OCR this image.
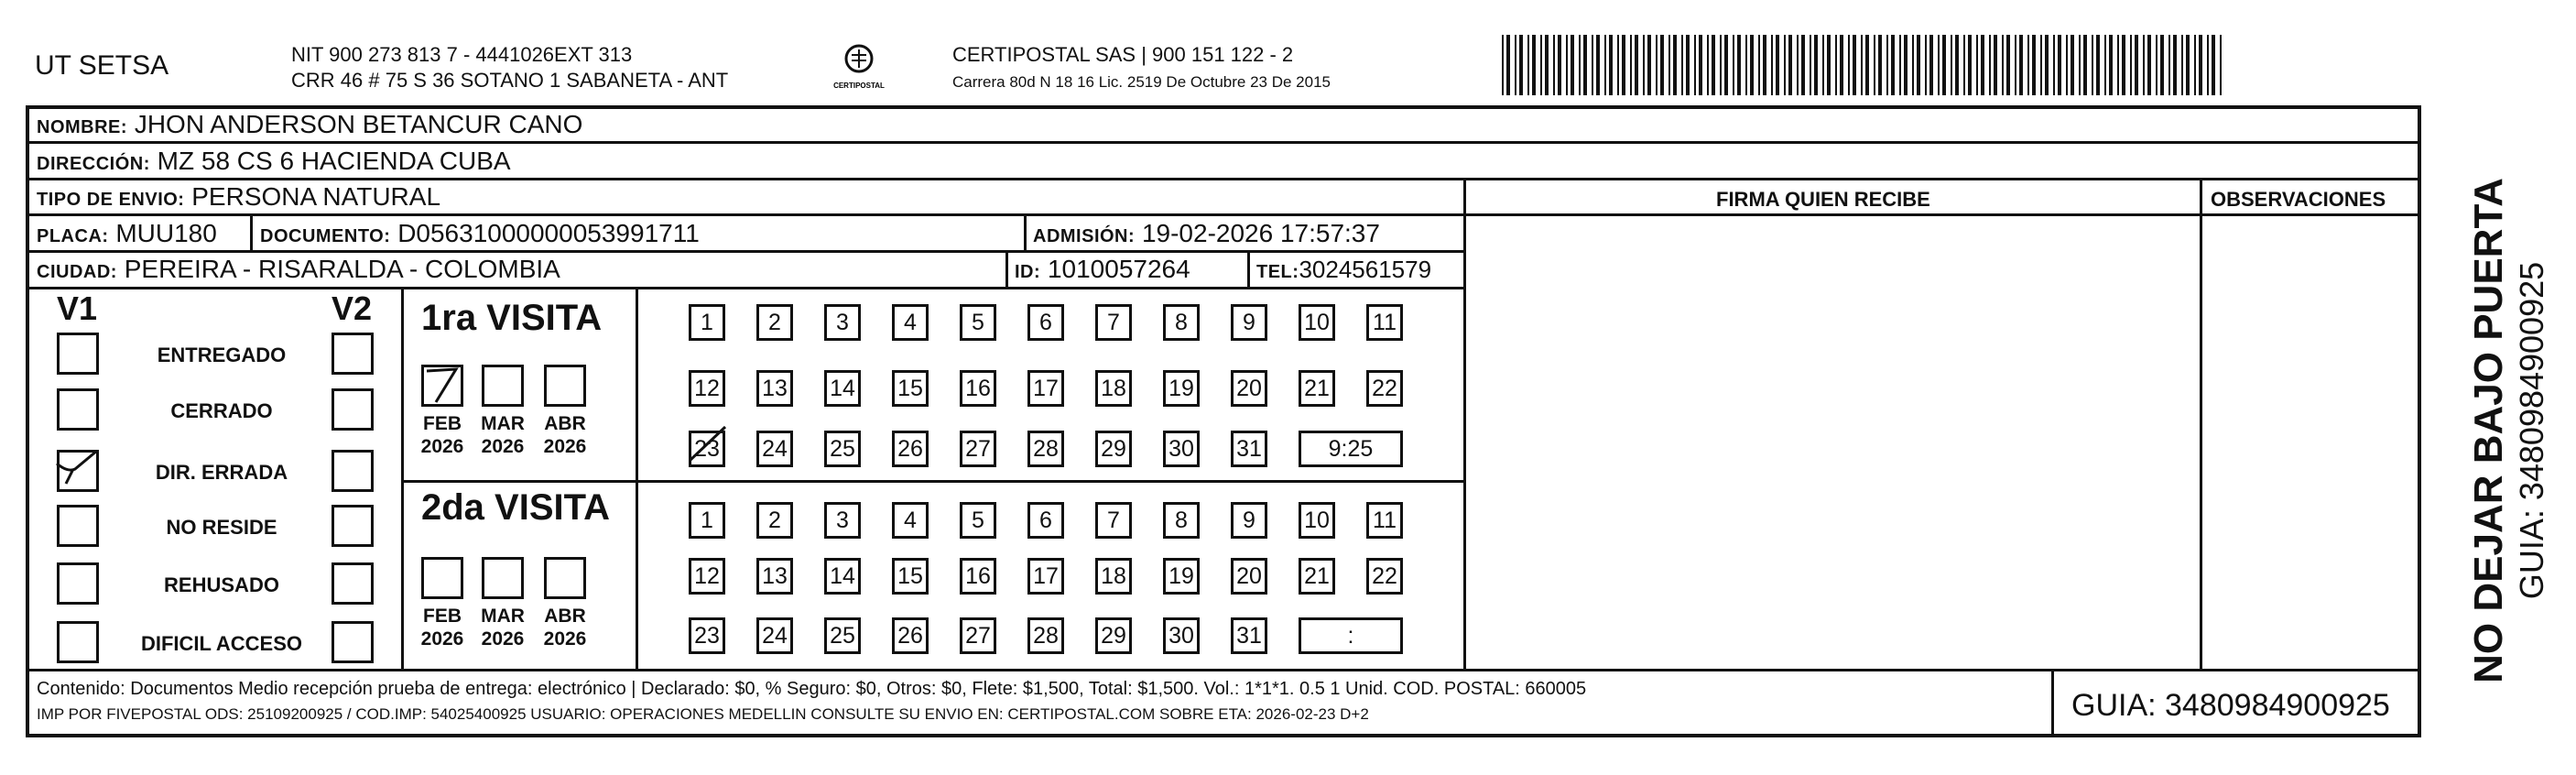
UT SETSA	NIT 900 273 813 7 - 4441026EXT 313
CRR 46 # 75 S 36 SOTANO 1 SABANETA - ANT	CERTIPOSTAL
CERTIPOSTAL SAS | 900 151 122 - 2
Carrera 80d N 18 16 Lic. 2519 De Octubre 23 De 2015
NOMBRE: JHON ANDERSON BETANCUR CANO
DIRECCIÓN: MZ 58 CS 6 HACIENDA CUBA
TIPO DE ENVIO: PERSONA NATURAL	FIRMA QUIEN RECIBE	OBSERVACIONES
PLACA: MUU180 DOCUMENTO: D05631000000053991711	ADMISIÓN: 19-02-2026 17:57:37
CIUDAD: PEREIRA - RISARALDA - COLOMBIA	ID: 1010057264	TEL:3024561579
V1	V2
ENTREGADO
CERRADO
DIR. ERRADA
NO RESIDE
REHUSADO
DIFICIL ACCESO
1ra VISITA
2da VISITA
1	2	3	4	5	6	7	8	9	10 11
12 13 14 15 16 17 18 19 20 21 22
23 24 25 26 27 28 29 30 31	9:25
FEB
2026
MAR
2026
ABR
2026
1	2	3	4	5	6	7	8	9	10 11
12 13 14 15 16 17 18 19 20 21 22
23 24 25 26 27 28 29 30 31	:
FEB
2026
MAR
2026
ABR
2026
Contenido: Documentos Medio recepción prueba de entrega: electrónico | Declarado: $0, % Seguro: $0, Otros: $0, Flete: $1,500, Total: $1,500. Vol.: 1*1*1. 0.5 1 Unid. COD. POSTAL: 660005
IMP POR FIVEPOSTAL ODS: 25109200925 / COD.IMP: 54025400925 USUARIO: OPERACIONES MEDELLIN CONSULTE SU ENVIO EN: CERTIPOSTAL.COM SOBRE ETA: 2026-02-23 D+2	GUIA: 3480984900925
NO DEJAR BAJO PUERTA GUIA: 3480984900925
